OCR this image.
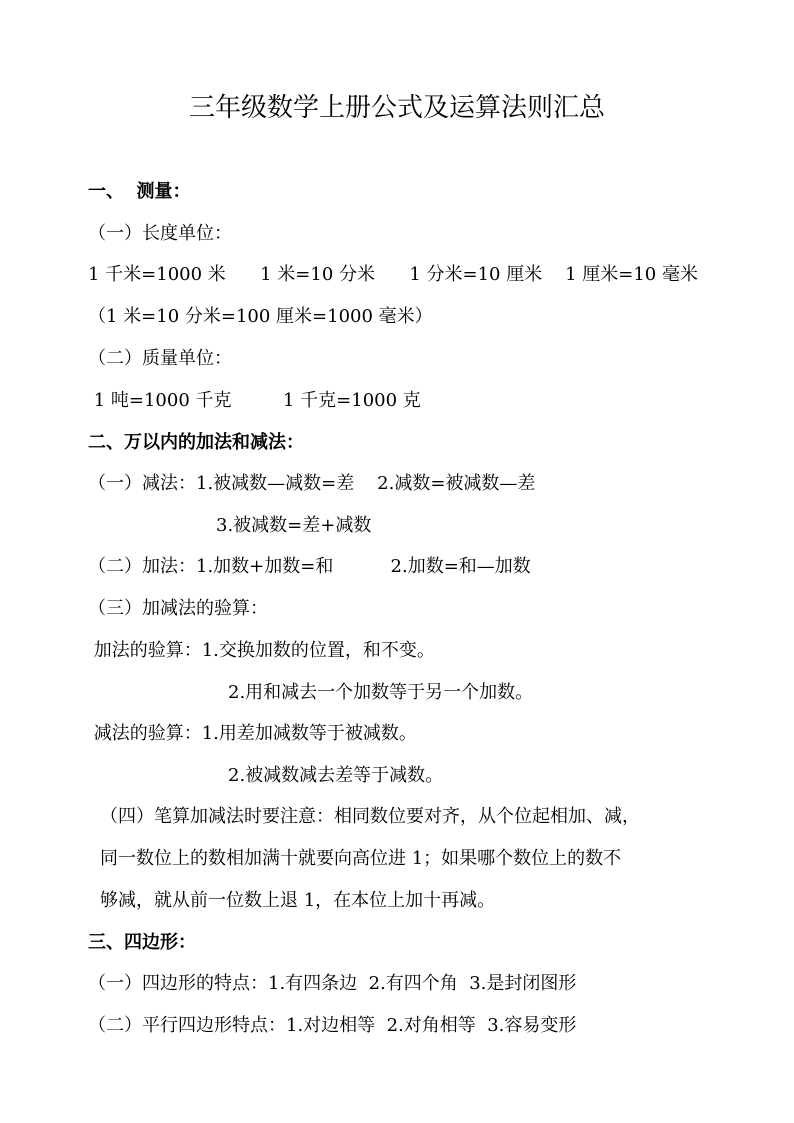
三年级数学上册公式及运算法则汇总

一、  测量：

（一）长度单位：

1 千米=1000 米      1 米=10 分米      1 分米=10 厘米    1 厘米=10 毫米

（1 米=10 分米=100 厘米=1000 毫米）

（二）质量单位：

1 吨=1000 千克         1 千克=1000 克

二、万以内的加法和减法：

（一）减法：1.被减数—减数=差    2.减数=被减数—差

3.被减数=差+减数

（二）加法：1.加数+加数=和          2.加数=和—加数

（三）加减法的验算：

加法的验算：1.交换加数的位置，和不变。

2.用和减去一个加数等于另一个加数。

减法的验算：1.用差加减数等于被减数。

2.被减数减去差等于减数。

（四）笔算加减法时要注意：相同数位要对齐，从个位起相加、减，

同一数位上的数相加满十就要向高位进 1；如果哪个数位上的数不

够减，就从前一位数上退 1，在本位上加十再减。

三、四边形：

（一）四边形的特点：1.有四条边  2.有四个角  3.是封闭图形

（二）平行四边形特点：1.对边相等  2.对角相等  3.容易变形
